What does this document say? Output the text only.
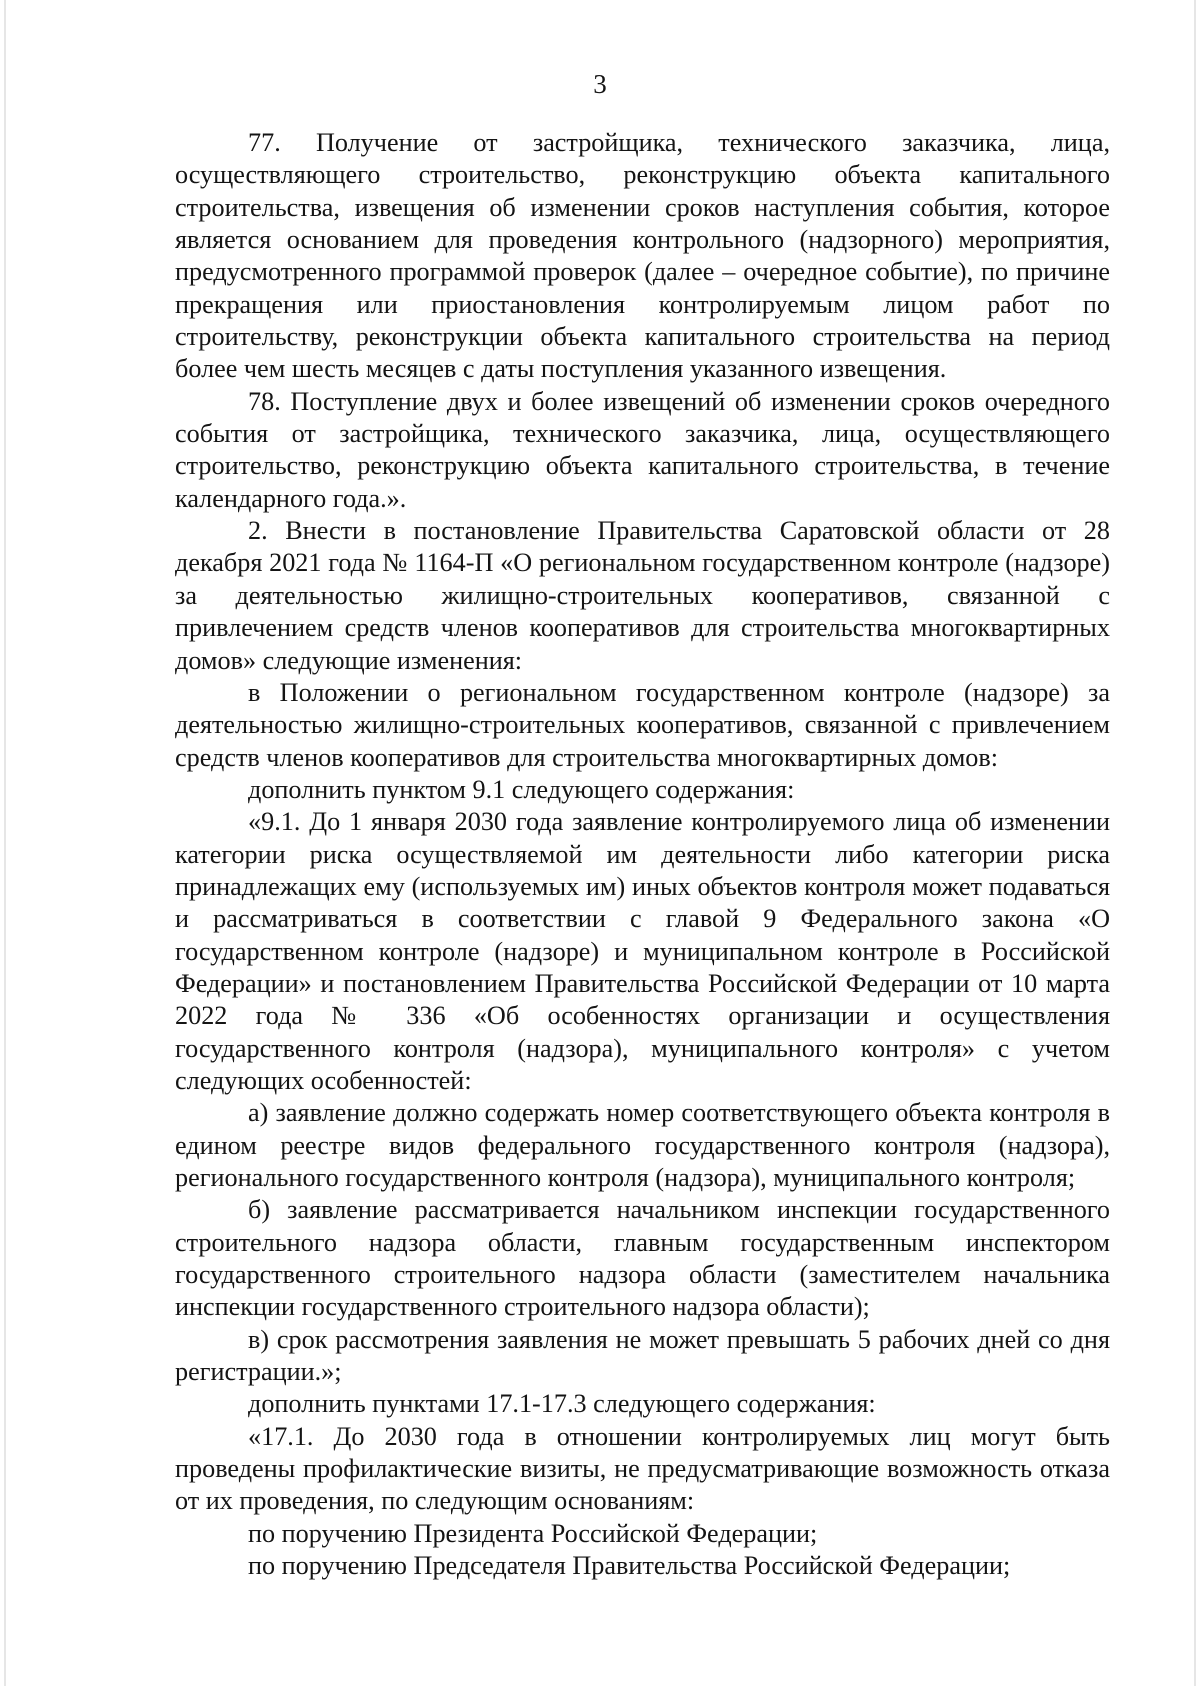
3

77. Получение от застройщика, технического заказчика, лица, осуществляющего строительство, реконструкцию объекта капитального строительства, извещения об изменении сроков наступления события, которое является основанием для проведения контрольного (надзорного) мероприятия, предусмотренного программой проверок (далее – очередное событие), по причине прекращения или приостановления контролируемым лицом работ по строительству, реконструкции объекта капитального строительства на период более чем шесть месяцев с даты поступления указанного извещения.

78. Поступление двух и более извещений об изменении сроков очередного события от застройщика, технического заказчика, лица, осуществляющего строительство, реконструкцию объекта капитального строительства, в течение календарного года.».

2. Внести в постановление Правительства Саратовской области от 28 декабря 2021 года № 1164-П «О региональном государственном контроле (надзоре) за деятельностью жилищно-строительных кооперативов, связанной с привлечением средств членов кооперативов для строительства многоквартирных домов» следующие изменения:

в Положении о региональном государственном контроле (надзоре) за деятельностью жилищно-строительных кооперативов, связанной с привлечением средств членов кооперативов для строительства многоквартирных домов:

дополнить пунктом 9.1 следующего содержания:

«9.1. До 1 января 2030 года заявление контролируемого лица об изменении категории риска осуществляемой им деятельности либо категории риска принадлежащих ему (используемых им) иных объектов контроля может подаваться и рассматриваться в соответствии с главой 9 Федерального закона «О государственном контроле (надзоре) и муниципальном контроле в Российской Федерации» и постановлением Правительства Российской Федерации от 10 марта 2022 года № 336 «Об особенностях организации и осуществления государственного контроля (надзора), муниципального контроля» с учетом следующих особенностей:

а) заявление должно содержать номер соответствующего объекта контроля в едином реестре видов федерального государственного контроля (надзора), регионального государственного контроля (надзора), муниципального контроля;

б) заявление рассматривается начальником инспекции государственного строительного надзора области, главным государственным инспектором государственного строительного надзора области (заместителем начальника инспекции государственного строительного надзора области);

в) срок рассмотрения заявления не может превышать 5 рабочих дней со дня регистрации.»;

дополнить пунктами 17.1-17.3 следующего содержания:

«17.1. До 2030 года в отношении контролируемых лиц могут быть проведены профилактические визиты, не предусматривающие возможность отказа от их проведения, по следующим основаниям:

по поручению Президента Российской Федерации;

по поручению Председателя Правительства Российской Федерации;
